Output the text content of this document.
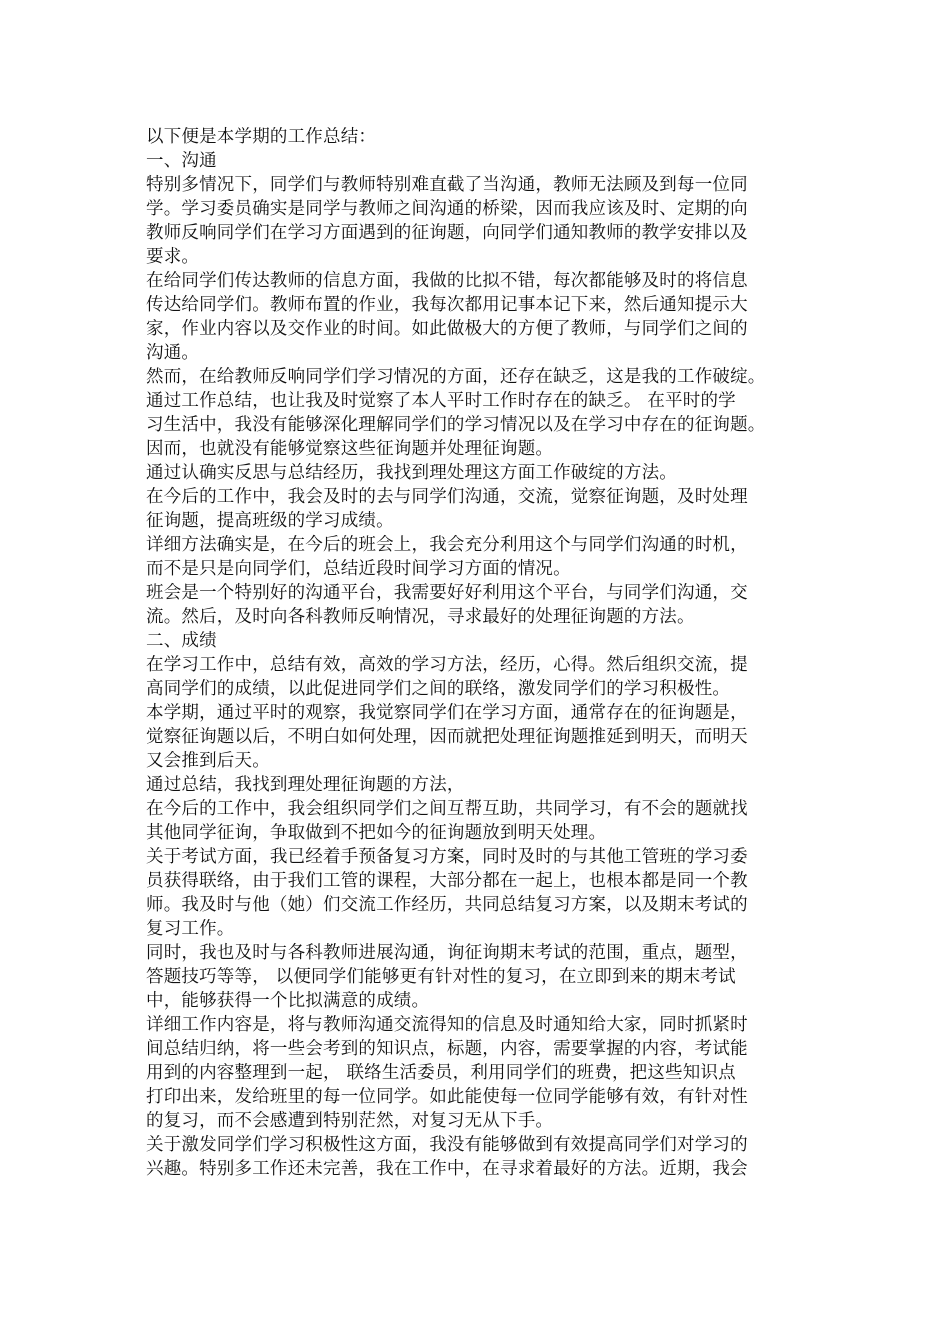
以下便是本学期的工作总结：
一、沟通
特别多情况下，同学们与教师特别难直截了当沟通，教师无法顾及到每一位同
学。学习委员确实是同学与教师之间沟通的桥梁，因而我应该及时、定期的向
教师反响同学们在学习方面遇到的征询题，向同学们通知教师的教学安排以及
要求。
在给同学们传达教师的信息方面，我做的比拟不错，每次都能够及时的将信息
传达给同学们。教师布置的作业，我每次都用记事本记下来，然后通知提示大
家，作业内容以及交作业的时间。如此做极大的方便了教师，与同学们之间的
沟通。
然而，在给教师反响同学们学习情况的方面，还存在缺乏，这是我的工作破绽。
通过工作总结，也让我及时觉察了本人平时工作时存在的缺乏。 在平时的学
习生活中，我没有能够深化理解同学们的学习情况以及在学习中存在的征询题。
因而，也就没有能够觉察这些征询题并处理征询题。
通过认确实反思与总结经历，我找到理处理这方面工作破绽的方法。
在今后的工作中，我会及时的去与同学们沟通，交流，觉察征询题，及时处理
征询题，提高班级的学习成绩。
详细方法确实是，在今后的班会上，我会充分利用这个与同学们沟通的时机，
而不是只是向同学们，总结近段时间学习方面的情况。
班会是一个特别好的沟通平台，我需要好好利用这个平台，与同学们沟通，交
流。然后，及时向各科教师反响情况，寻求最好的处理征询题的方法。
二、成绩
在学习工作中，总结有效，高效的学习方法，经历，心得。然后组织交流，提
高同学们的成绩，以此促进同学们之间的联络，激发同学们的学习积极性。
本学期，通过平时的观察，我觉察同学们在学习方面，通常存在的征询题是，
觉察征询题以后，不明白如何处理，因而就把处理征询题推延到明天，而明天
又会推到后天。
通过总结，我找到理处理征询题的方法，
在今后的工作中，我会组织同学们之间互帮互助，共同学习，有不会的题就找
其他同学征询，争取做到不把如今的征询题放到明天处理。
关于考试方面，我已经着手预备复习方案，同时及时的与其他工管班的学习委
员获得联络，由于我们工管的课程，大部分都在一起上，也根本都是同一个教
师。我及时与他（她）们交流工作经历，共同总结复习方案，以及期末考试的
复习工作。
同时，我也及时与各科教师进展沟通，询征询期末考试的范围，重点，题型，
答题技巧等等， 以便同学们能够更有针对性的复习，在立即到来的期末考试
中，能够获得一个比拟满意的成绩。
详细工作内容是，将与教师沟通交流得知的信息及时通知给大家，同时抓紧时
间总结归纳，将一些会考到的知识点，标题，内容，需要掌握的内容，考试能
用到的内容整理到一起， 联络生活委员，利用同学们的班费，把这些知识点
打印出来，发给班里的每一位同学。如此能使每一位同学能够有效，有针对性
的复习，而不会感遭到特别茫然，对复习无从下手。
关于激发同学们学习积极性这方面，我没有能够做到有效提高同学们对学习的
兴趣。特别多工作还未完善，我在工作中，在寻求着最好的方法。近期，我会
